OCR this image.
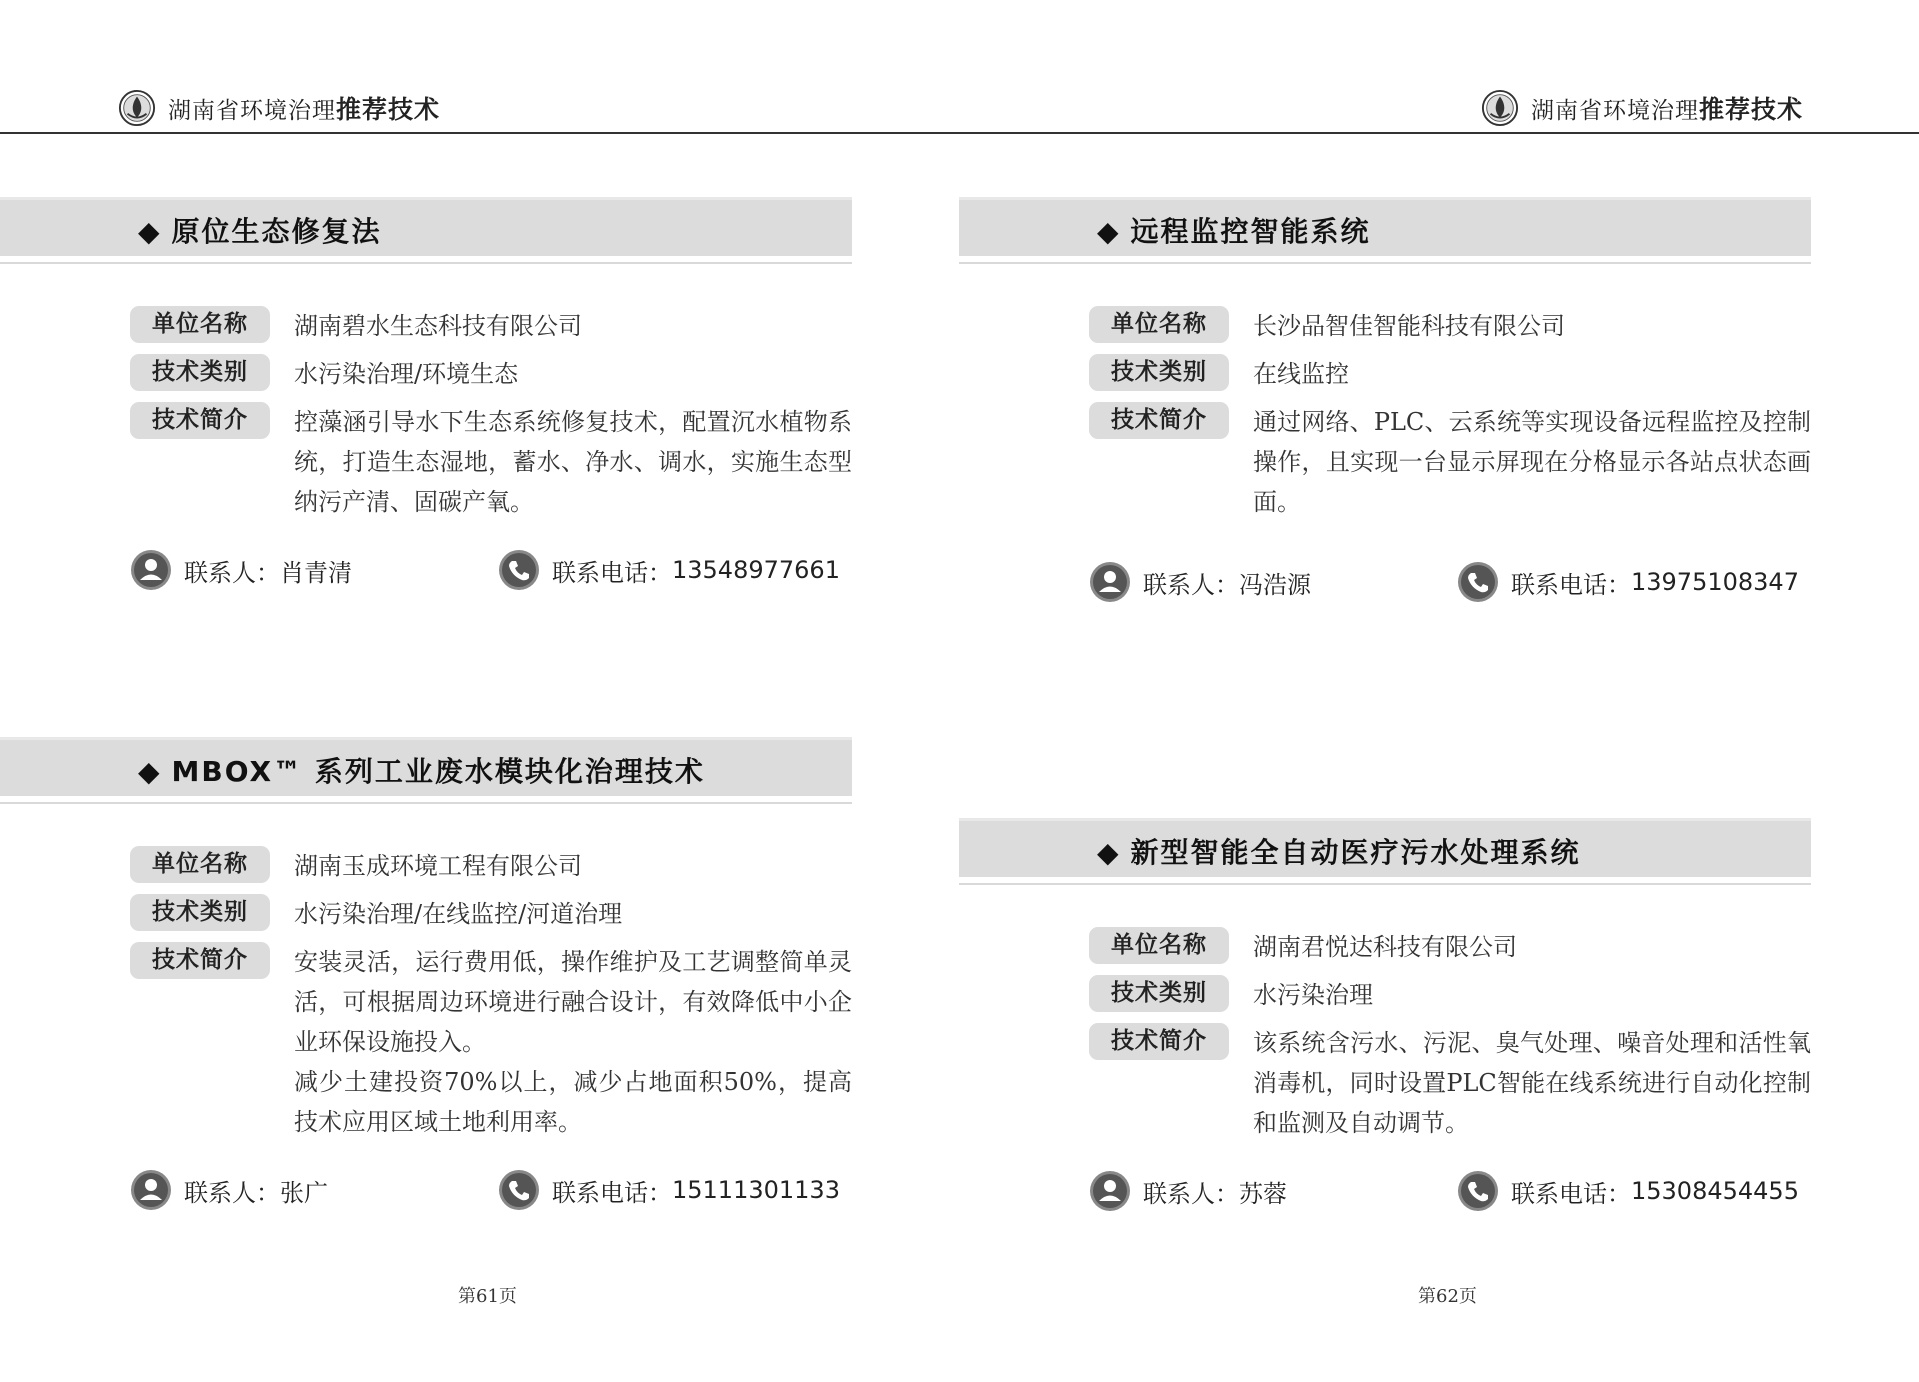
湖南省环境治理推荐技术
◆ 原位生态修复法
单位名称	湖南碧水生态科技有限公司
技术类别	水污染治理/环境生态
技术简介	控藻涵引导水下生态系统修复技术，配置沉水植物系统，打造生态湿地，蓄水、净水、调水，实施生态型纳污产清、固碳产氧。
联系人： 肖青清	联系电话： 13548977661
◆ MBOX™ 系列工业废水模块化治理技术
单位名称	湖南玉成环境工程有限公司
技术类别	水污染治理/在线监控/河道治理
技术简介	安装灵活，运行费用低，操作维护及工艺调整简单灵活，可根据周边环境进行融合设计，有效降低中小企业环保设施投入。
减少土建投资70%以上，减少占地面积50%，提高技术应用区域土地利用率。
联系人： 张广	联系电话： 15111301133
第61页
湖南省环境治理推荐技术
◆ 远程监控智能系统
单位名称	长沙品智佳智能科技有限公司
技术类别	在线监控
技术简介	通过网络、PLC、云系统等实现设备远程监控及控制操作，且实现一台显示屏现在分格显示各站点状态画面。
联系人： 冯浩源	联系电话： 13975108347
◆ 新型智能全自动医疗污水处理系统
单位名称	湖南君悦达科技有限公司
技术类别	水污染治理
技术简介	该系统含污水、污泥、臭气处理、噪音处理和活性氧消毒机，同时设置PLC智能在线系统进行自动化控制和监测及自动调节。
联系人： 苏蓉	联系电话： 15308454455
第62页
